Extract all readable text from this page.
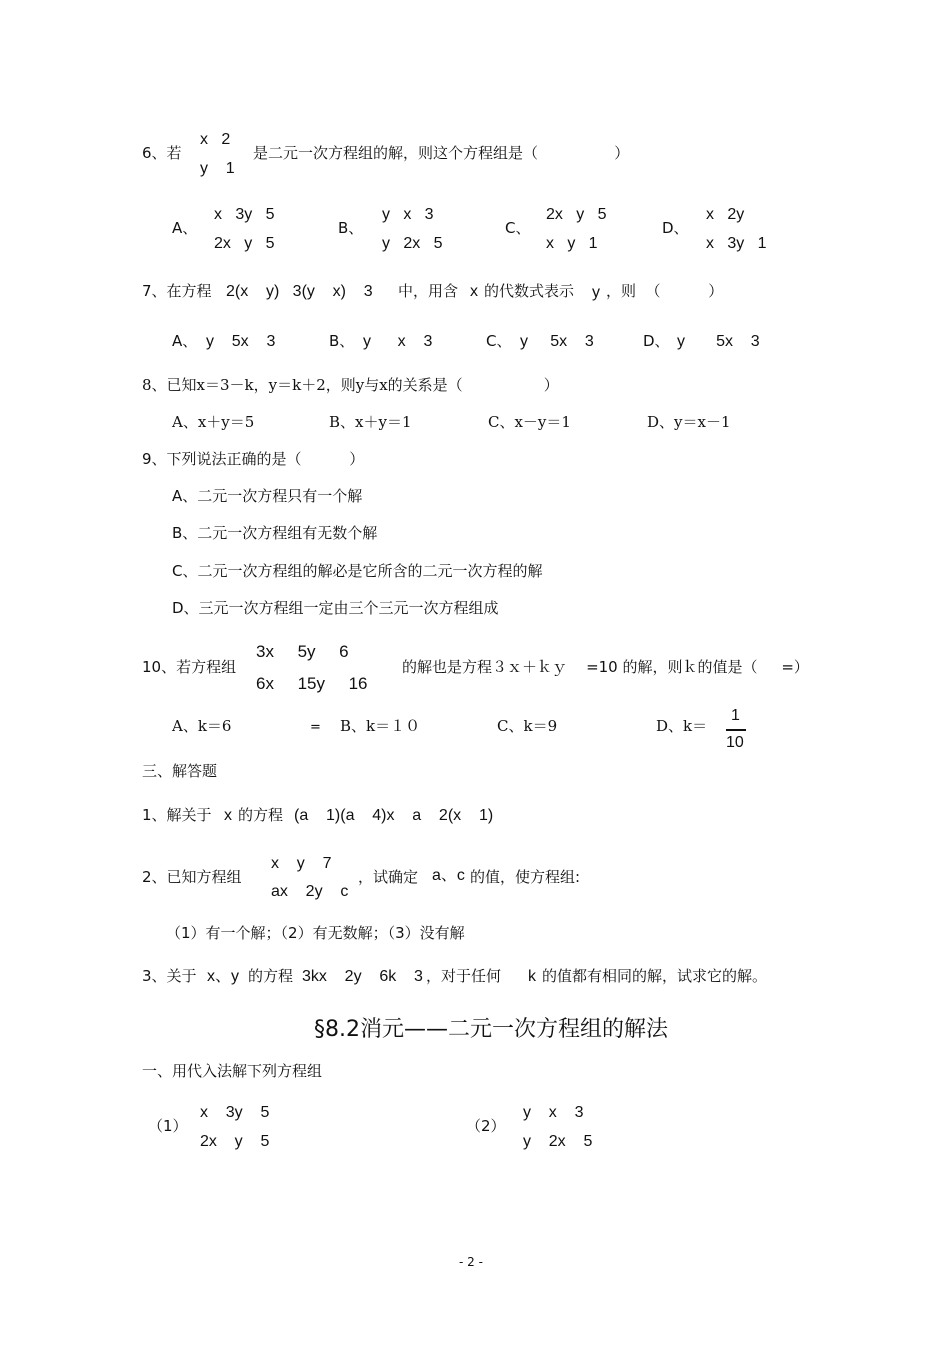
6、若
x   2
y    1
是二元一次方程组的解，则这个方程组是（                ）
A、
x   3y   5
2x   y   5
B、
y   x   3
y   2x   5
C、
2x   y   5
x   y   1
D、
x   2y
x   3y   1
7、在方程 2(x    y)   3(y    x)    3 中，用含 x 的代数式表示 y ，则  （          ）
A、 y    5x    3	B、 y      x    3	C、 y     5x    3	D、 y       5x    3
8、已知x＝3－k，y＝k＋2，则y与x的关系是（                 ）
A、x＋y＝5	B、x＋y＝1	C、x－y＝1	D、y＝x－1
9、下列说法正确的是（          ）
A、二元一次方程只有一个解
B、二元一次方程组有无数个解
C、二元一次方程组的解必是它所含的二元一次方程的解
D、三元一次方程组一定由三个三元一次方程组成
10、若方程组
3x     5y     6
6x     15y     16
的解也是方程３ｘ＋ｋｙ    =10 的解，则ｋ的值是（     =）
A、k＝6	= B、k＝１０	C、k＝9	D、k＝
1
10
三、解答题
1、解关于 x 的方程 (a    1)(a    4)x    a    2(x    1)
2、已知方程组
x    y    7
ax    2y    c
，试确定 a、c 的值，使方程组:
（1）有一个解；（2）有无数解；（3）没有解
3、关于 x、y 的方程 3kx    2y    6k    3 ，对于任何 k 的值都有相同的解，试求它的解。
§8.2消元——二元一次方程组的解法
一、用代入法解下列方程组
（1）
x    3y    5
2x    y    5
（2）
y    x    3
y    2x    5
- 2 -
